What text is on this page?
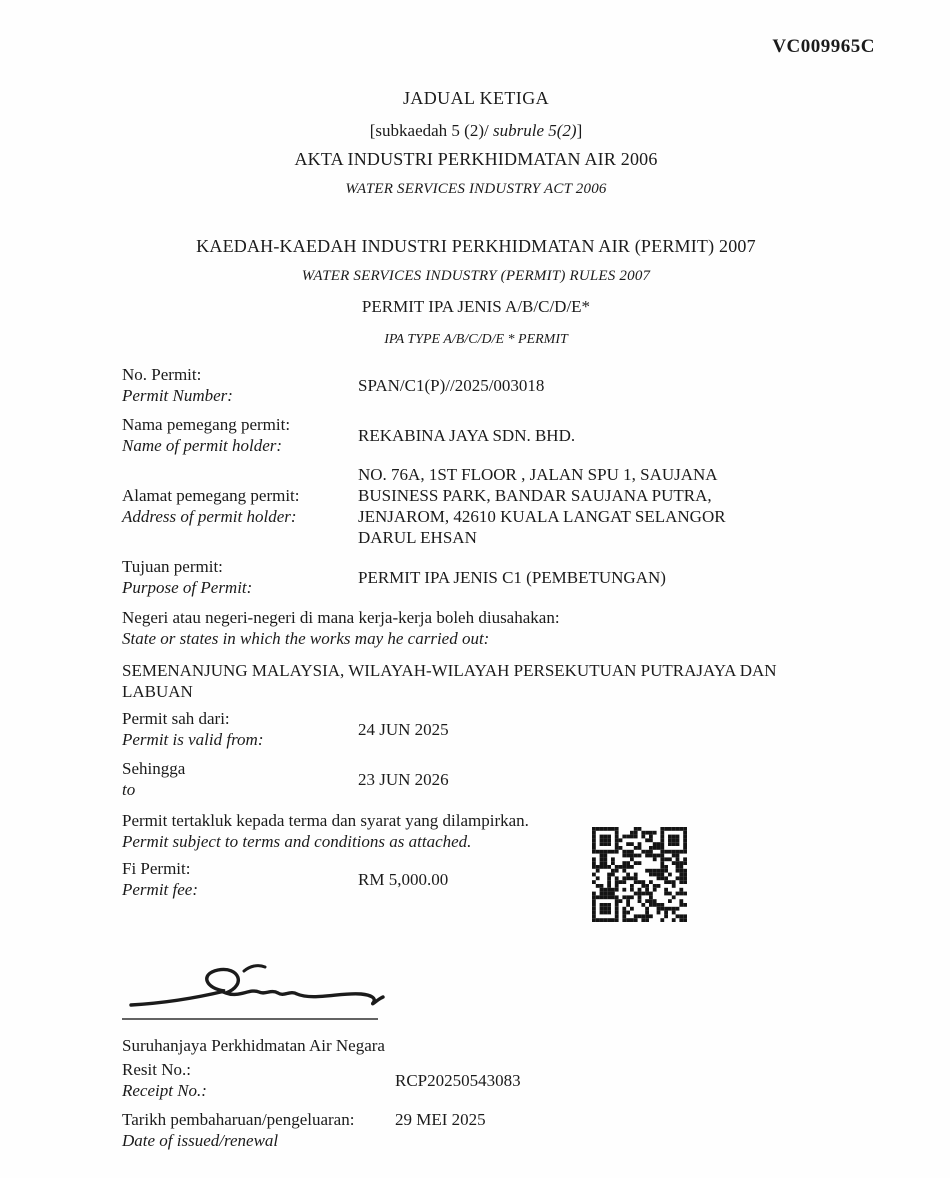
VC009965C
JADUAL KETIGA
[subkaedah 5 (2)/ subrule 5(2)]
AKTA INDUSTRI PERKHIDMATAN AIR 2006
WATER SERVICES INDUSTRY ACT 2006
KAEDAH-KAEDAH INDUSTRI PERKHIDMATAN AIR (PERMIT) 2007
WATER SERVICES INDUSTRY (PERMIT) RULES 2007
PERMIT IPA JENIS A/B/C/D/E*
IPA TYPE A/B/C/D/E * PERMIT
No. Permit:
Permit Number:
SPAN/C1(P)//2025/003018
Nama pemegang permit:
Name of permit holder:
REKABINA JAYA SDN. BHD.
Alamat pemegang permit:
Address of permit holder:
NO. 76A, 1ST FLOOR , JALAN SPU 1, SAUJANA BUSINESS PARK, BANDAR SAUJANA PUTRA, JENJAROM, 42610 KUALA LANGAT SELANGOR DARUL EHSAN
Tujuan permit:
Purpose of Permit:
PERMIT IPA JENIS C1 (PEMBETUNGAN)
Negeri atau negeri-negeri di mana kerja-kerja boleh diusahakan:
State or states in which the works may he carried out:
SEMENANJUNG MALAYSIA, WILAYAH-WILAYAH PERSEKUTUAN PUTRAJAYA DAN LABUAN
Permit sah dari:
Permit is valid from:
24 JUN 2025
Sehingga
to
23 JUN 2026
Permit tertakluk kepada terma dan syarat yang dilampirkan.
Permit subject to terms and conditions as attached.
Fi Permit:
Permit fee:
RM 5,000.00
Suruhanjaya Perkhidmatan Air Negara
Resit No.:
Receipt No.:
RCP20250543083
Tarikh pembaharuan/pengeluaran:
Date of issued/renewal
29 MEI 2025
